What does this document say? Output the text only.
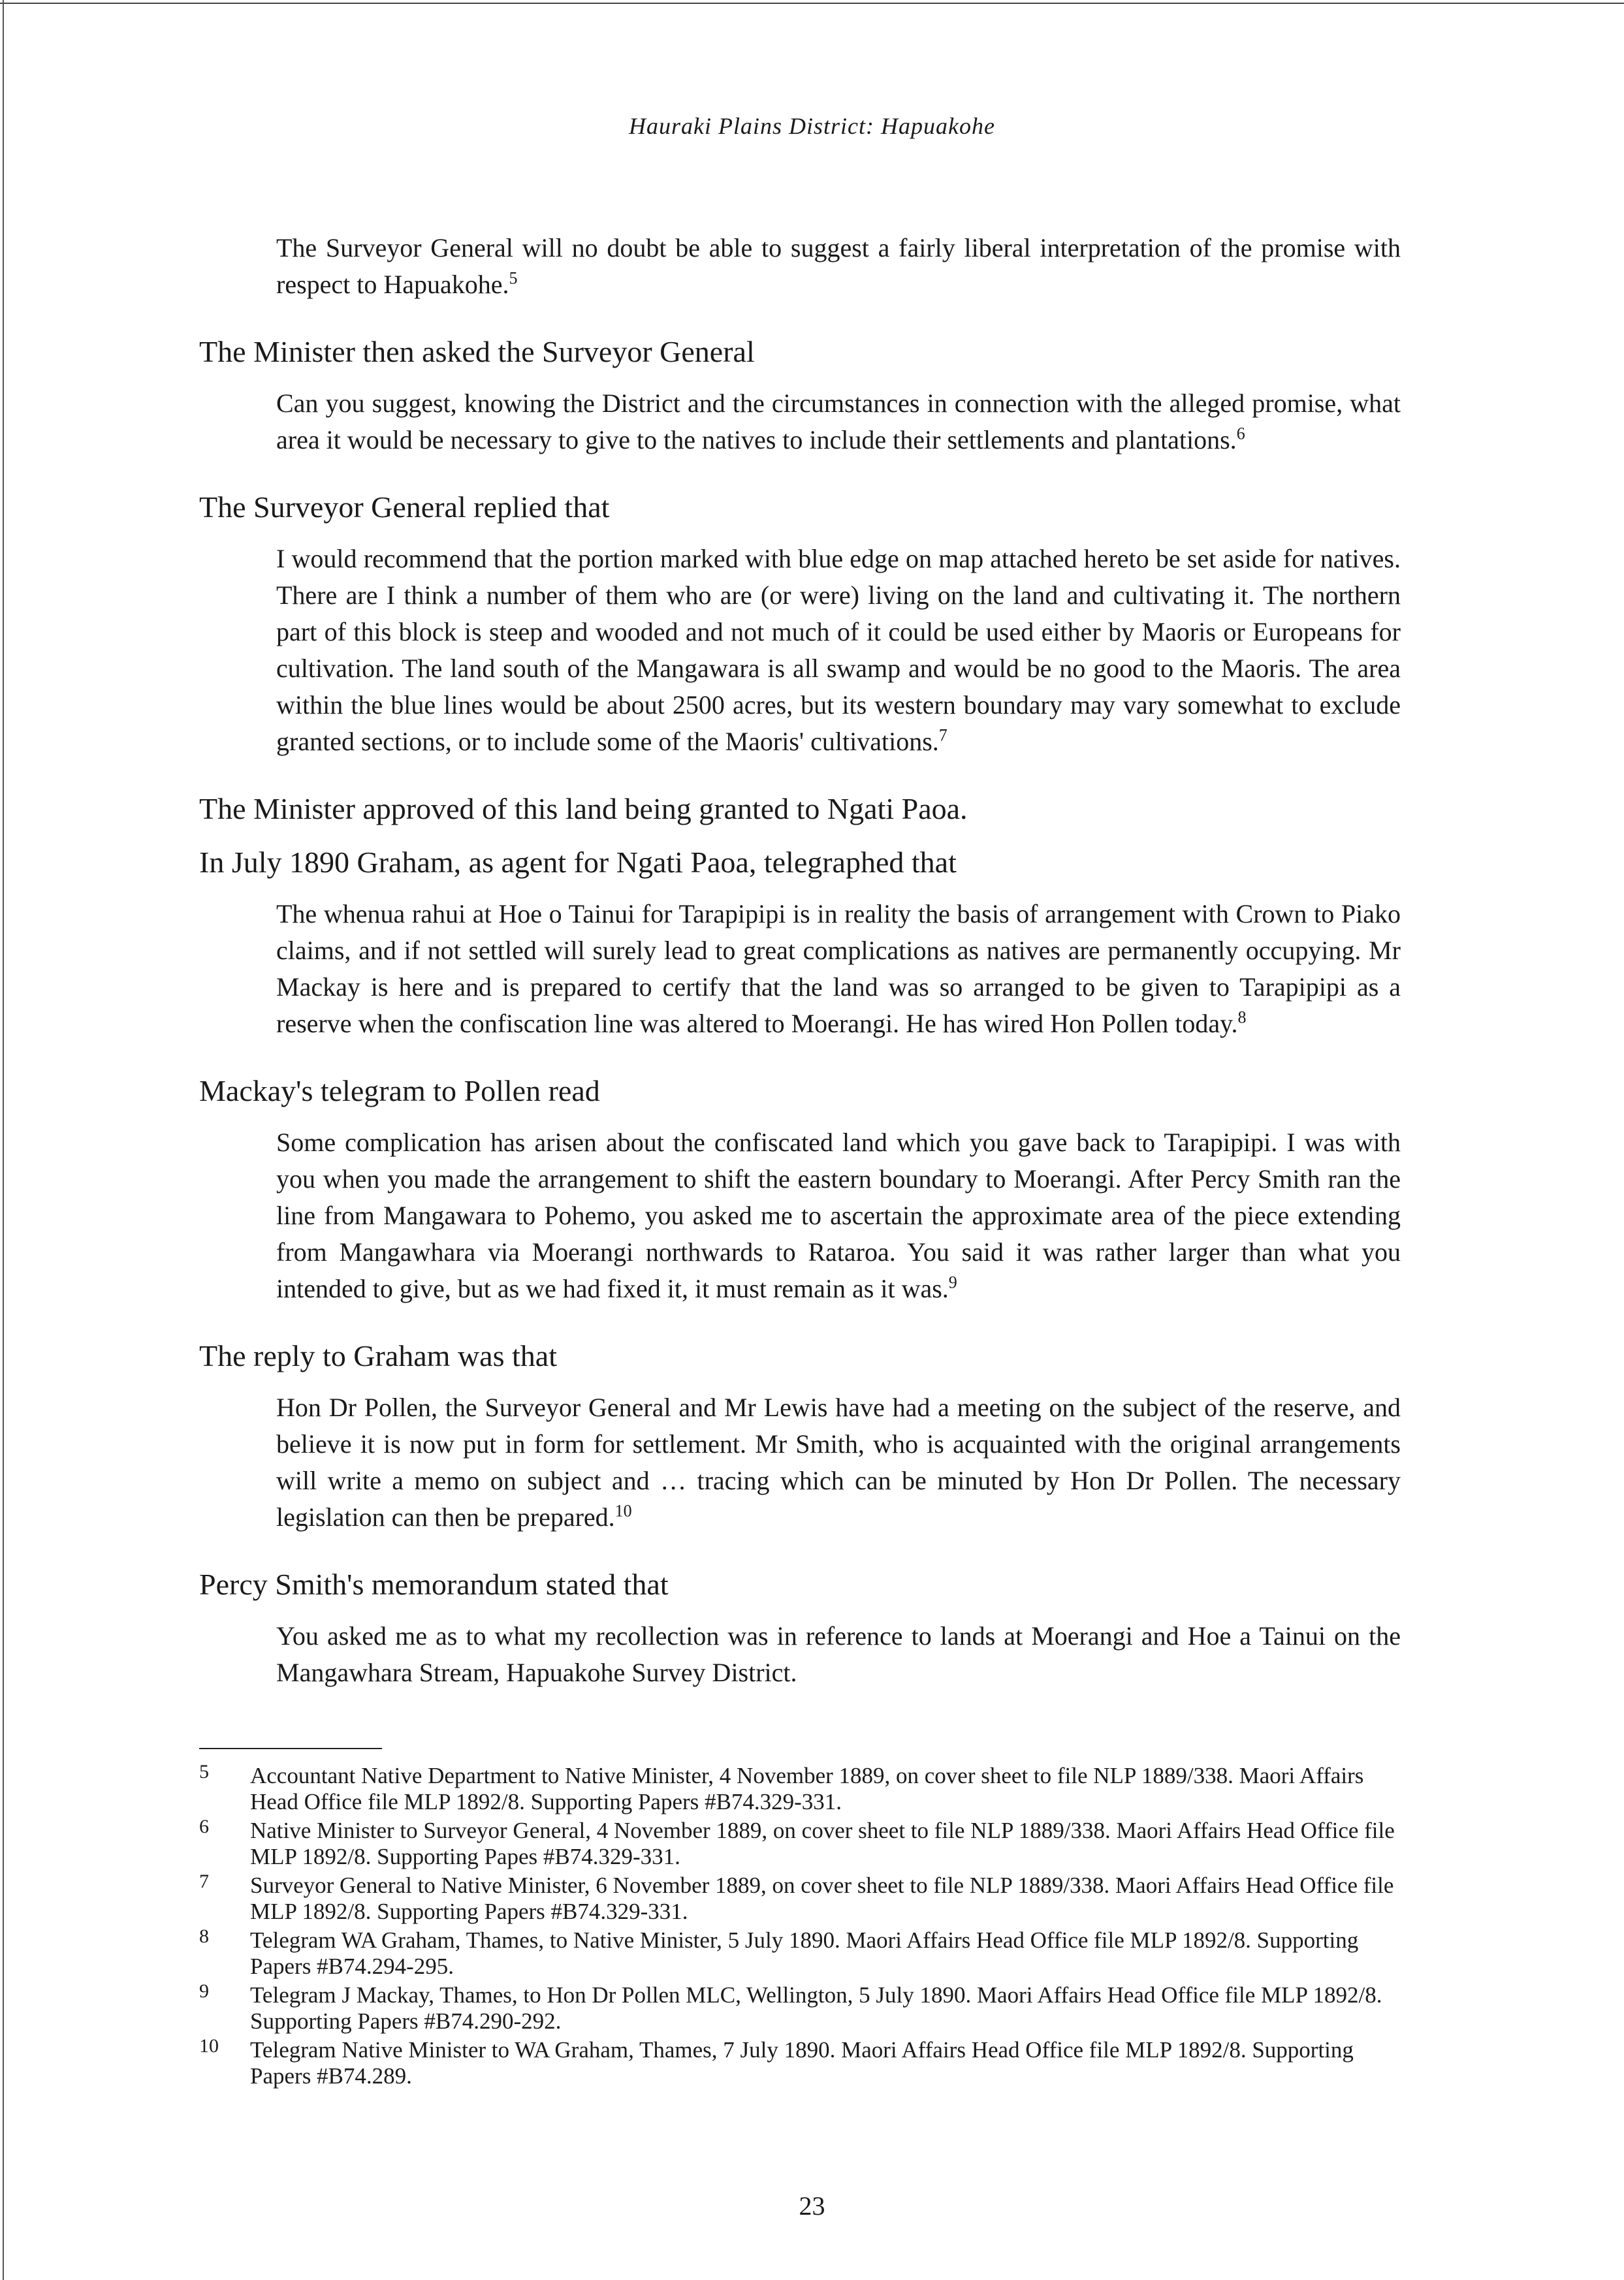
Hauraki Plains District: Hapuakohe

The Surveyor General will no doubt be able to suggest a fairly liberal interpretation of the promise with respect to Hapuakohe.$^5$

The Minister then asked the Surveyor General

Can you suggest, knowing the District and the circumstances in connection with the alleged promise, what area it would be necessary to give to the natives to include their settlements and plantations.$^6$

The Surveyor General replied that

I would recommend that the portion marked with blue edge on map attached hereto be set aside for natives. There are I think a number of them who are (or were) living on the land and cultivating it. The northern part of this block is steep and wooded and not much of it could be used either by Maoris or Europeans for cultivation. The land south of the Mangawara is all swamp and would be no good to the Maoris. The area within the blue lines would be about 2500 acres, but its western boundary may vary somewhat to exclude granted sections, or to include some of the Maoris' cultivations.$^7$

The Minister approved of this land being granted to Ngati Paoa.

In July 1890 Graham, as agent for Ngati Paoa, telegraphed that

The whenua rahui at Hoe o Tainui for Tarapipipi is in reality the basis of arrangement with Crown to Piako claims, and if not settled will surely lead to great complications as natives are permanently occupying. Mr Mackay is here and is prepared to certify that the land was so arranged to be given to Tarapipipi as a reserve when the confiscation line was altered to Moerangi. He has wired Hon Pollen today.$^8$

Mackay's telegram to Pollen read

Some complication has arisen about the confiscated land which you gave back to Tarapipipi. I was with you when you made the arrangement to shift the eastern boundary to Moerangi. After Percy Smith ran the line from Mangawara to Pohemo, you asked me to ascertain the approximate area of the piece extending from Mangawhara via Moerangi northwards to Rataroa. You said it was rather larger than what you intended to give, but as we had fixed it, it must remain as it was.$^9$

The reply to Graham was that

Hon Dr Pollen, the Surveyor General and Mr Lewis have had a meeting on the subject of the reserve, and believe it is now put in form for settlement. Mr Smith, who is acquainted with the original arrangements will write a memo on subject and … tracing which can be minuted by Hon Dr Pollen. The necessary legislation can then be prepared.$^{10}$

Percy Smith's memorandum stated that

You asked me as to what my recollection was in reference to lands at Moerangi and Hoe a Tainui on the Mangawhara Stream, Hapuakohe Survey District.

5 Accountant Native Department to Native Minister, 4 November 1889, on cover sheet to file NLP 1889/338. Maori Affairs Head Office file MLP 1892/8. Supporting Papers #B74.329-331.
6 Native Minister to Surveyor General, 4 November 1889, on cover sheet to file NLP 1889/338. Maori Affairs Head Office file MLP 1892/8. Supporting Papes #B74.329-331.
7 Surveyor General to Native Minister, 6 November 1889, on cover sheet to file NLP 1889/338. Maori Affairs Head Office file MLP 1892/8. Supporting Papers #B74.329-331.
8 Telegram WA Graham, Thames, to Native Minister, 5 July 1890. Maori Affairs Head Office file MLP 1892/8. Supporting Papers #B74.294-295.
9 Telegram J Mackay, Thames, to Hon Dr Pollen MLC, Wellington, 5 July 1890. Maori Affairs Head Office file MLP 1892/8. Supporting Papers #B74.290-292.
10 Telegram Native Minister to WA Graham, Thames, 7 July 1890. Maori Affairs Head Office file MLP 1892/8. Supporting Papers #B74.289.
23
